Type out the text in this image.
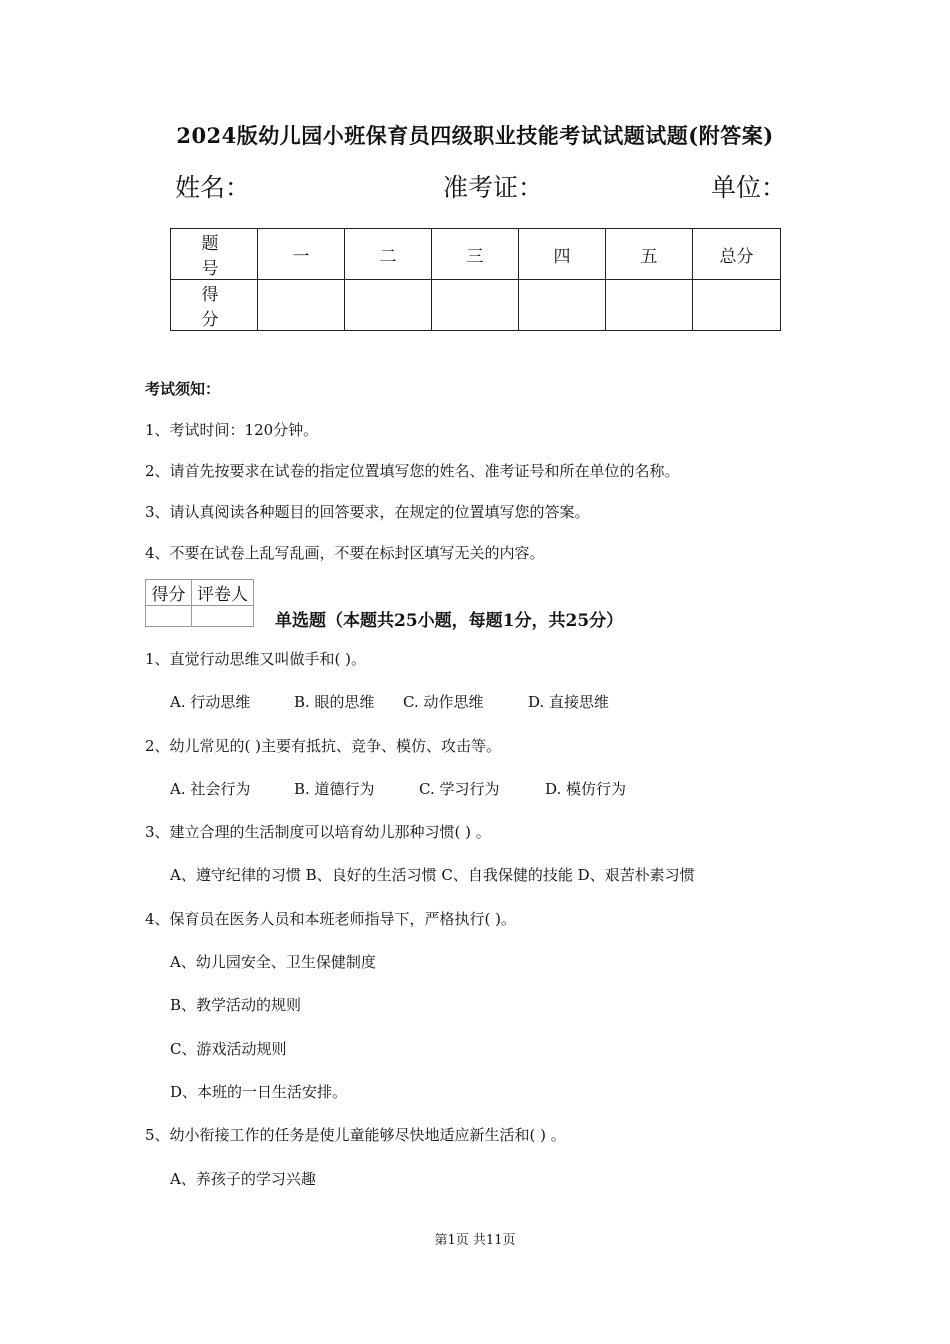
2024版幼儿园小班保育员四级职业技能考试试题试题(附答案)
姓名：	准考证：	单位：
题 号	一	二	三	四	五	总分
得 分						
考试须知：
1、考试时间：120分钟。
2、请首先按要求在试卷的指定位置填写您的姓名、准考证号和所在单位的名称。
3、请认真阅读各种题目的回答要求，在规定的位置填写您的答案。
4、不要在试卷上乱写乱画，不要在标封区填写无关的内容。
得分	评卷人

单选题（本题共25小题，每题1分，共25分）
1、直觉行动思维又叫做手和( )。
A. 行动思维	B. 眼的思维 C. 动作思维	D. 直接思维
2、幼儿常见的( )主要有抵抗、竞争、模仿、攻击等。
A. 社会行为	B. 道德行为	C. 学习行为	D. 模仿行为
3、建立合理的生活制度可以培育幼儿那种习惯( ) 。
A、遵守纪律的习惯 B、良好的生活习惯 C、自我保健的技能 D、艰苦朴素习惯
4、保育员在医务人员和本班老师指导下，严格执行( )。
A、幼儿园安全、卫生保健制度
B、教学活动的规则
C、游戏活动规则
D、本班的一日生活安排。
5、幼小衔接工作的任务是使儿童能够尽快地适应新生活和( ) 。
A、养孩子的学习兴趣
第1页 共11页
